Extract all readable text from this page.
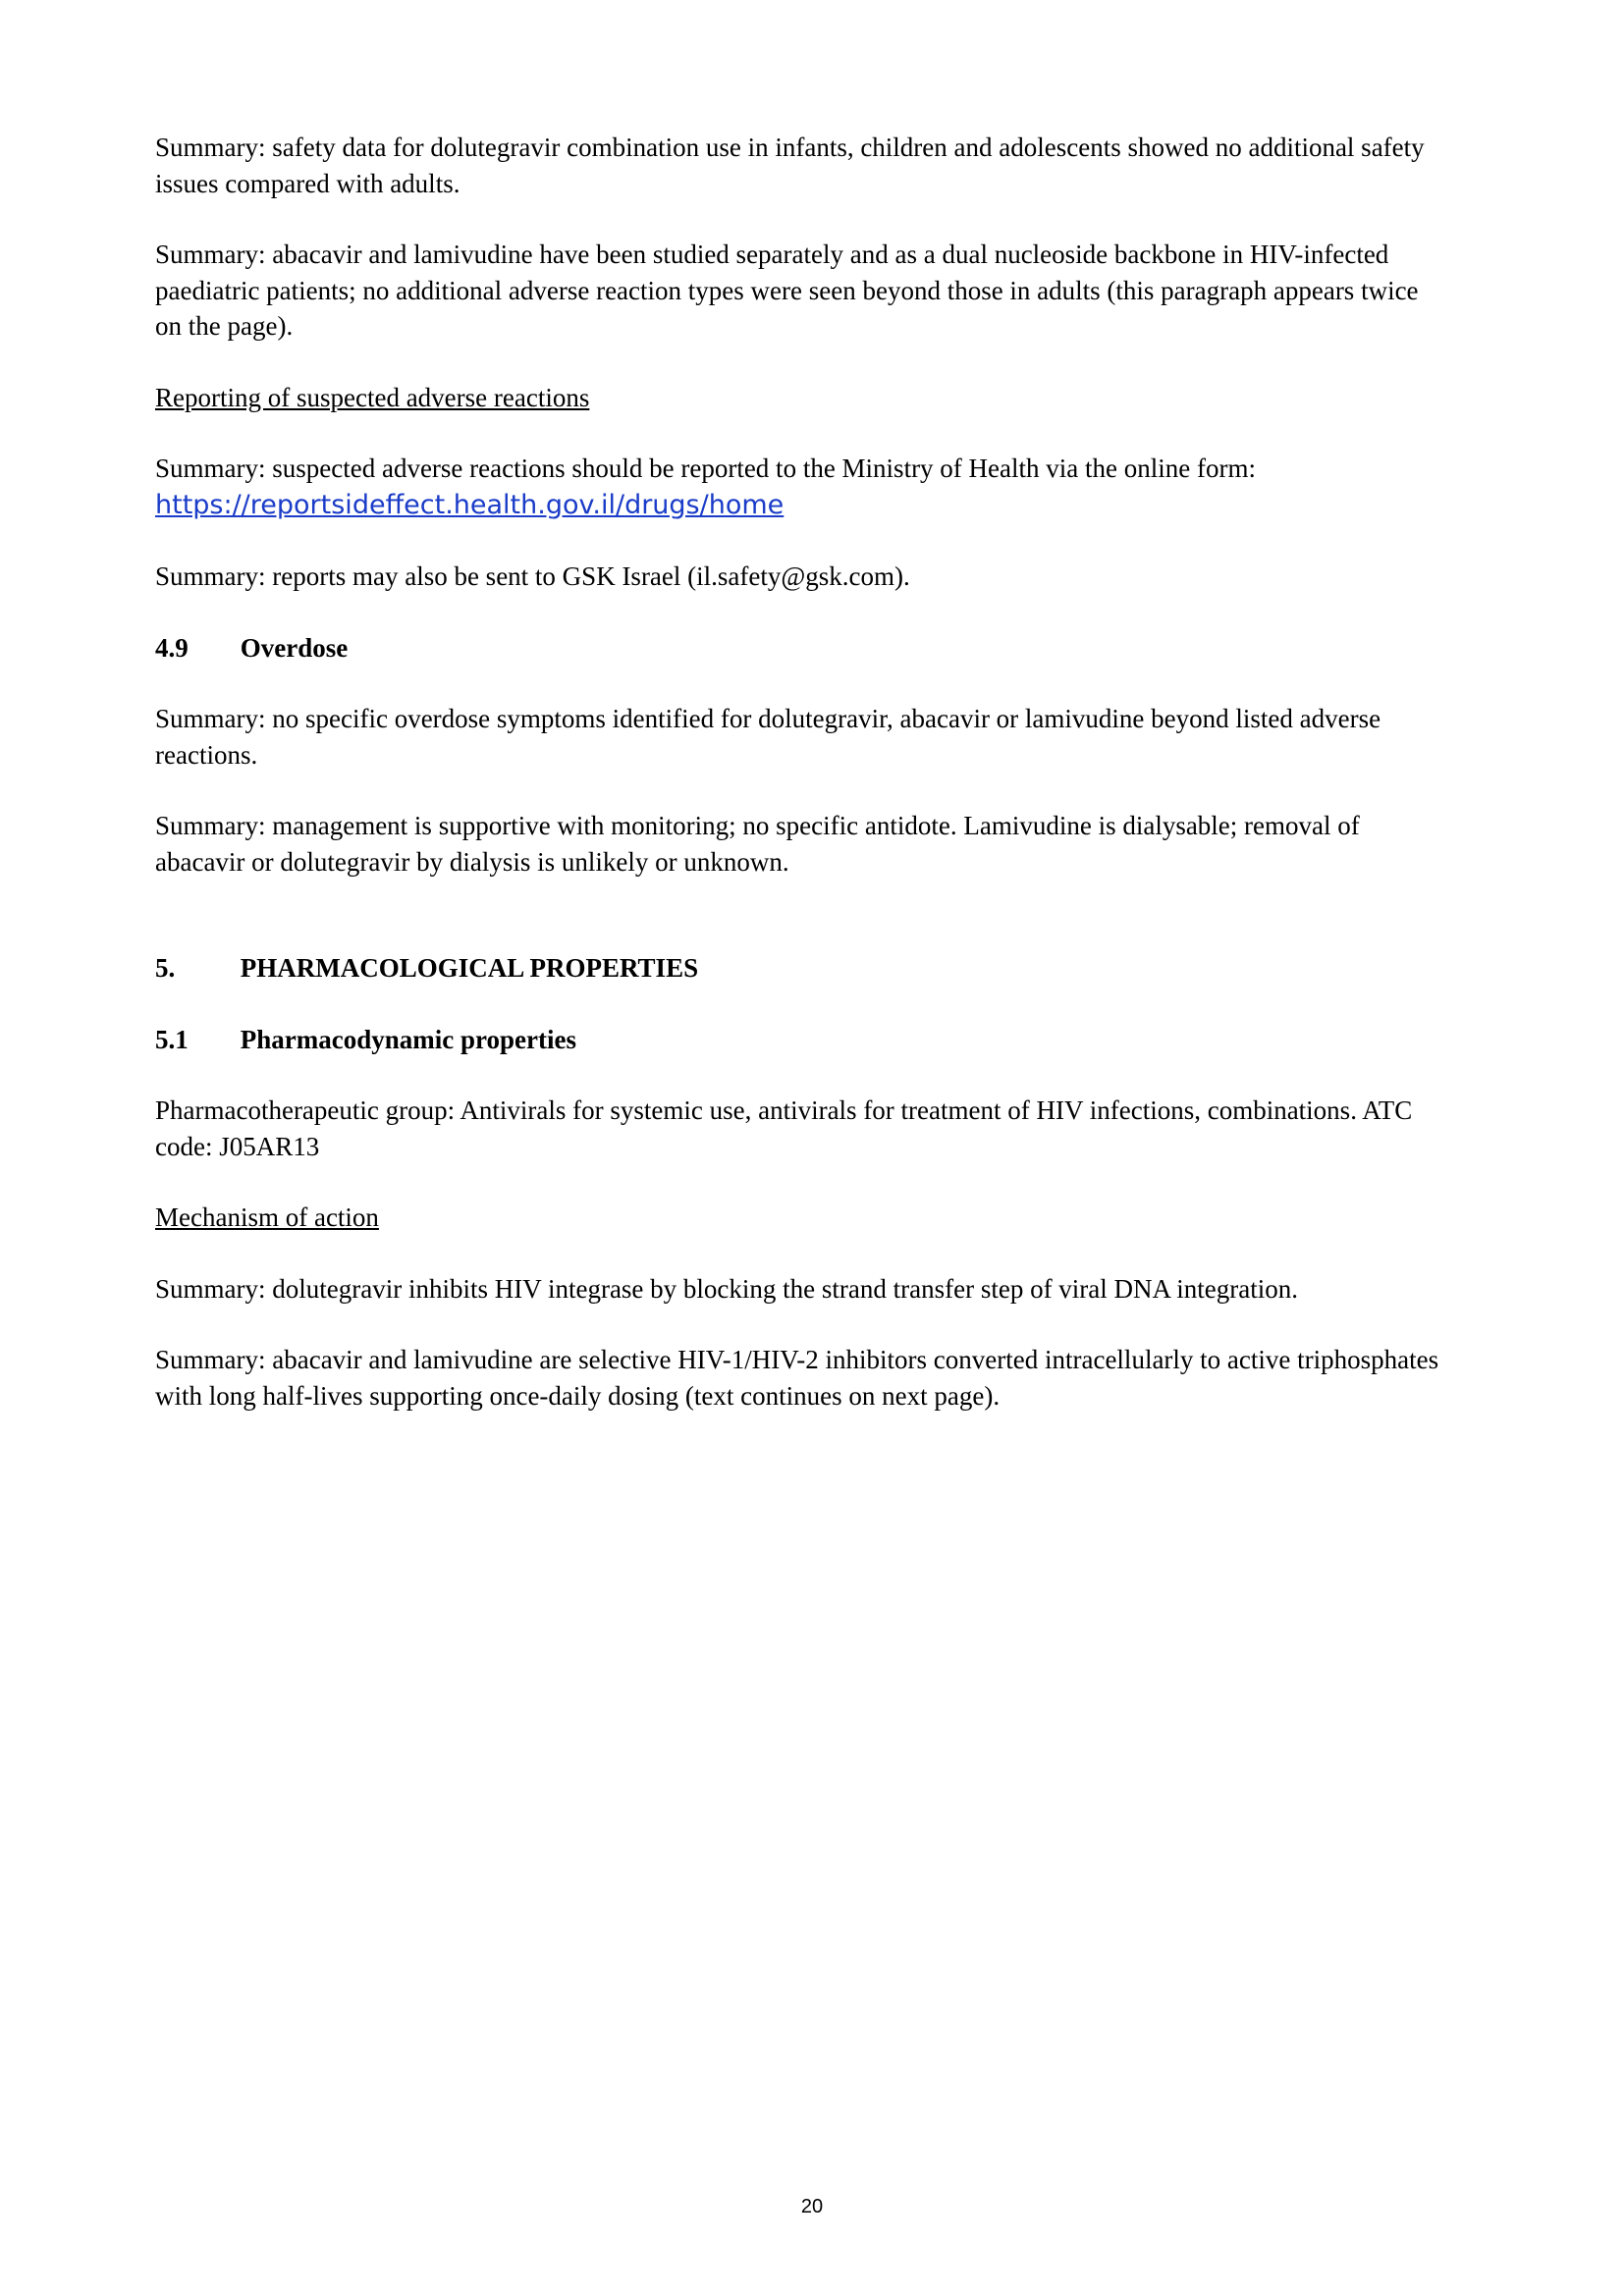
Summary: safety data for dolutegravir combination use in infants, children and adolescents showed no additional safety issues compared with adults.

Summary: abacavir and lamivudine have been studied separately and as a dual nucleoside backbone in HIV-infected paediatric patients; no additional adverse reaction types were seen beyond those in adults (this paragraph appears twice on the page).

Reporting of suspected adverse reactions

Summary: suspected adverse reactions should be reported to the Ministry of Health via the online form: https://reportsideffect.health.gov.il/drugs/home

Summary: reports may also be sent to GSK Israel (il.safety@gsk.com).

4.9 Overdose

Summary: no specific overdose symptoms identified for dolutegravir, abacavir or lamivudine beyond listed adverse reactions.

Summary: management is supportive with monitoring; no specific antidote. Lamivudine is dialysable; removal of abacavir or dolutegravir by dialysis is unlikely or unknown.

5. PHARMACOLOGICAL PROPERTIES
5.1 Pharmacodynamic properties

Pharmacotherapeutic group: Antivirals for systemic use, antivirals for treatment of HIV infections, combinations. ATC code: J05AR13

Mechanism of action

Summary: dolutegravir inhibits HIV integrase by blocking the strand transfer step of viral DNA integration.

Summary: abacavir and lamivudine are selective HIV-1/HIV-2 inhibitors converted intracellularly to active triphosphates with long half-lives supporting once-daily dosing (text continues on next page).

20
